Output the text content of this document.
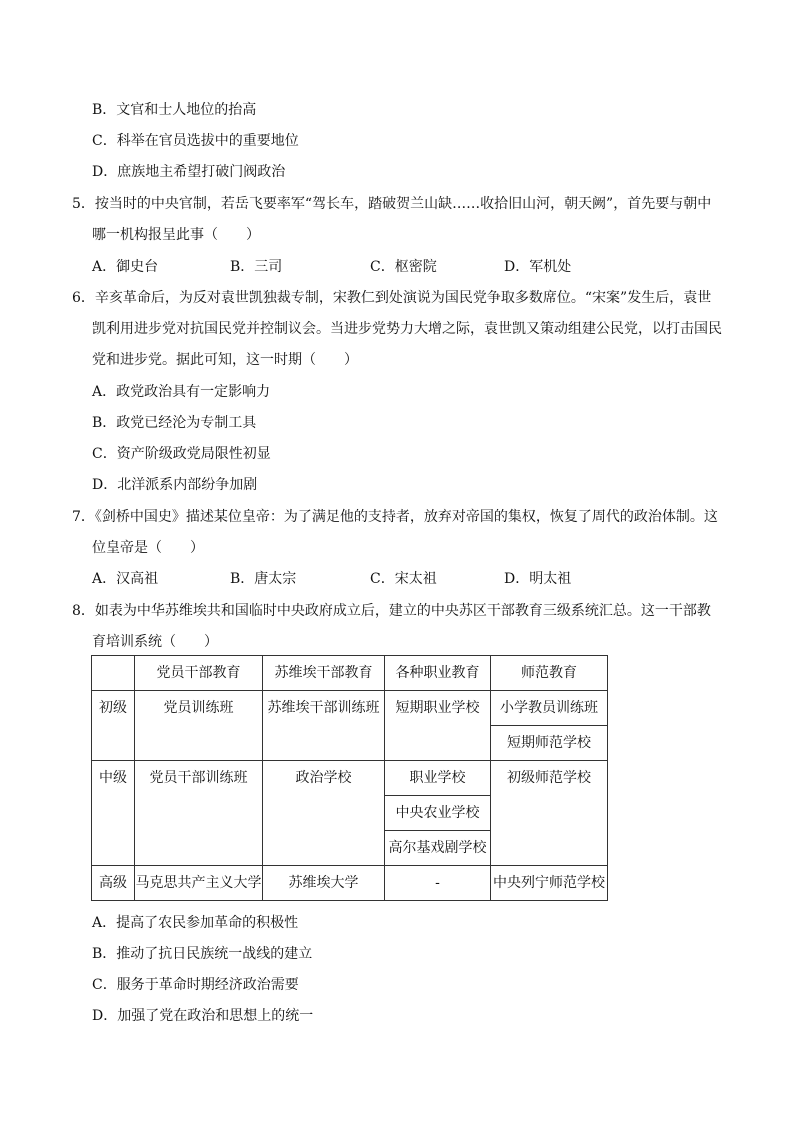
B．文官和士人地位的抬高
C．科举在官员选拔中的重要地位
D．庶族地主希望打破门阀政治
5．按当时的中央官制，若岳飞要率军“驾长车，踏破贺兰山缺……收拾旧山河，朝天阙”，首先要与朝中
哪一机构报呈此事（　　）
A．御史台	B．三司	C．枢密院	D．军机处
6．辛亥革命后，为反对袁世凯独裁专制，宋教仁到处演说为国民党争取多数席位。“宋案”发生后，袁世
凯利用进步党对抗国民党并控制议会。当进步党势力大增之际，袁世凯又策动组建公民党，以打击国民
党和进步党。据此可知，这一时期（　　）
A．政党政治具有一定影响力
B．政党已经沦为专制工具
C．资产阶级政党局限性初显
D．北洋派系内部纷争加剧
7．《剑桥中国史》描述某位皇帝：为了满足他的支持者，放弃对帝国的集权，恢复了周代的政治体制。这
位皇帝是（　　）
A．汉高祖	B．唐太宗	C．宋太祖	D．明太祖
8．如表为中华苏维埃共和国临时中央政府成立后，建立的中央苏区干部教育三级系统汇总。这一干部教
育培训系统（　　）
	党员干部教育	苏维埃干部教育	各种职业教育	师范教育
初级	党员训练班	苏维埃干部训练班	短期职业学校	小学教员训练班
				短期师范学校
中级	党员干部训练班	政治学校	职业学校	初级师范学校
			中央农业学校	
			高尔基戏剧学校	
高级	马克思共产主义大学	苏维埃大学	-	中央列宁师范学校
A．提高了农民参加革命的积极性
B．推动了抗日民族统一战线的建立
C．服务于革命时期经济政治需要
D．加强了党在政治和思想上的统一
